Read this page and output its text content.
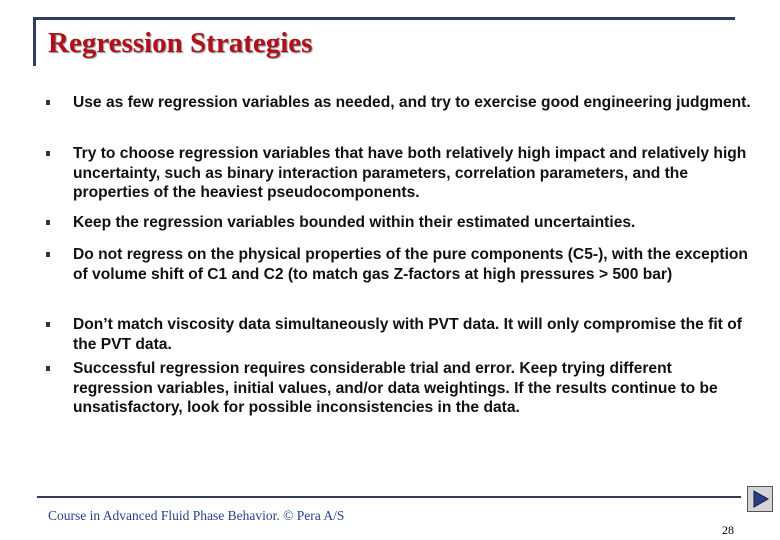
Regression Strategies
Use as few regression variables as needed, and try to exercise good engineering judgment.
Try to choose regression variables that have both relatively high impact and relatively high uncertainty, such as binary interaction parameters, correlation parameters, and the properties of the heaviest pseudocomponents.
Keep the regression variables bounded within their estimated uncertainties.
Do not regress on the physical properties of the pure components (C5-), with the exception of volume shift of C1 and C2 (to match gas Z-factors at high pressures > 500 bar)
Don’t match viscosity data simultaneously with PVT data. It will only compromise the fit of the PVT data.
Successful regression requires considerable trial and error. Keep trying different regression variables, initial values, and/or data weightings. If the results continue to be unsatisfactory, look for possible inconsistencies in the data.
Course in Advanced Fluid Phase Behavior. © Pera A/S
28
